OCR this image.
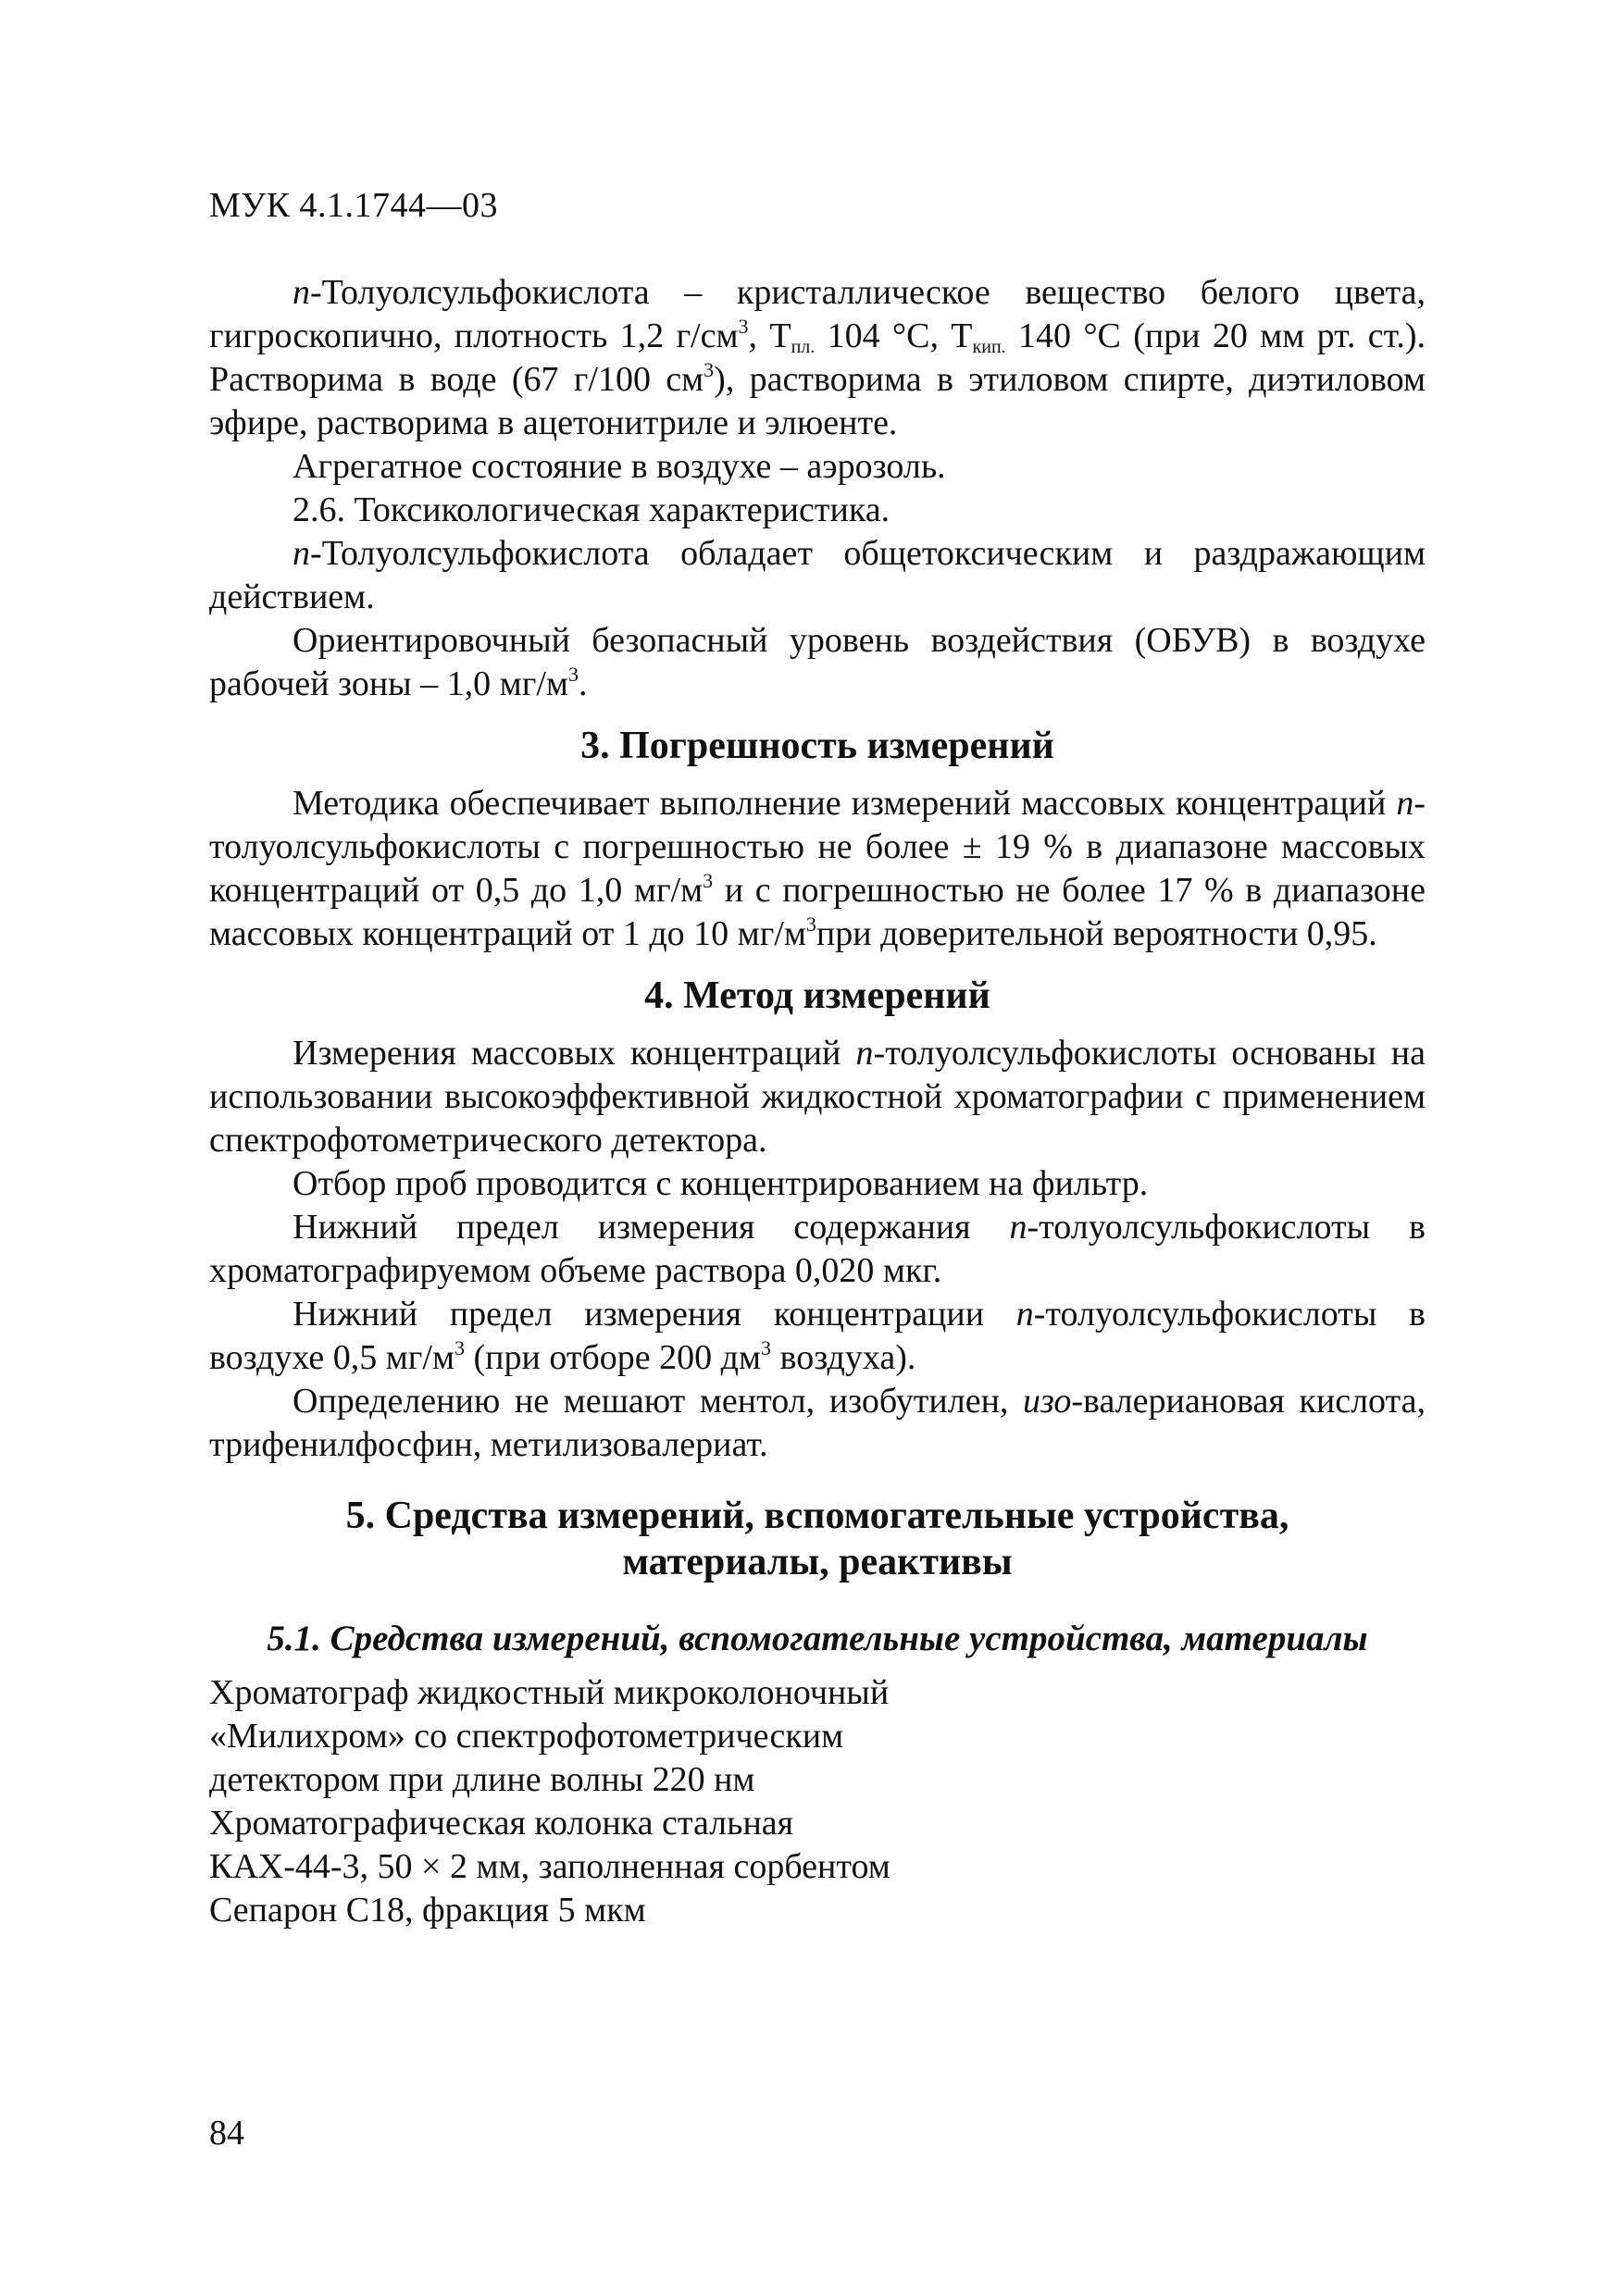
МУК 4.1.1744—03

п-Толуолсульфокислота – кристаллическое вещество белого цвета, гигроскопично, плотность 1,2 $г/см^3$, $Т_{пл.}$ 104 °С, $Т_{кип.}$ 140 °С (при 20 мм рт. ст.). Растворима в воде (67 г/100 $см^3$), растворима в этиловом спирте, диэтиловом эфире, растворима в ацетонитриле и элюенте.

Агрегатное состояние в воздухе – аэрозоль.

2.6. Токсикологическая характеристика.

п-Толуолсульфокислота обладает общетоксическим и раздражающим действием.

Ориентировочный безопасный уровень воздействия (ОБУВ) в воздухе рабочей зоны – 1,0 $мг/м^3$.

3. Погрешность измерений

Методика обеспечивает выполнение измерений массовых концентраций п-толуолсульфокислоты с погрешностью не более ± 19 % в диапазоне массовых концентраций от 0,5 до 1,0 $мг/м^3$ и с погрешностью не более 17 % в диапазоне массовых концентраций от 1 до 10 $мг/м^3при$ доверительной вероятности 0,95.

4. Метод измерений

Измерения массовых концентраций п-толуолсульфокислоты основаны на использовании высокоэффективной жидкостной хроматографии с применением спектрофотометрического детектора.

Отбор проб проводится с концентрированием на фильтр.

Нижний предел измерения содержания п-толуолсульфокислоты в хроматографируемом объеме раствора 0,020 мкг.

Нижний предел измерения концентрации п-толуолсульфокислоты в воздухе 0,5 $мг/м^3$ (при отборе 200 $дм^3$ воздуха).

Определению не мешают ментол, изобутилен, изо-валериановая кислота, трифенилфосфин, метилизовалериат.

5. Средства измерений, вспомогательные устройства,
материалы, реактивы
5.1. Средства измерений, вспомогательные устройства, материалы

Хроматограф жидкостный микроколоночный

«Милихром» со спектрофотометрическим

детектором при длине волны 220 нм

Хроматографическая колонка стальная

КАХ-44-3, 50 × 2 мм, заполненная сорбентом

Сепарон С18, фракция 5 мкм

84
